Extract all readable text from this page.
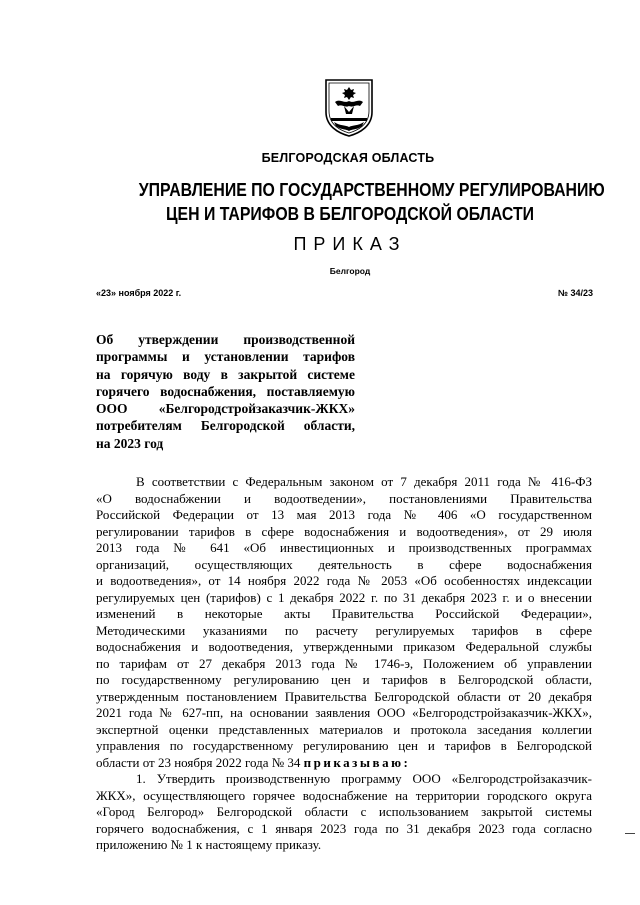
БЕЛГОРОДСКАЯ ОБЛАСТЬ
УПРАВЛЕНИЕ ПО ГОСУДАРСТВЕННОМУ РЕГУЛИРОВАНИЮ
ЦЕН И ТАРИФОВ В БЕЛГОРОДСКОЙ ОБЛАСТИ
ПРИКАЗ
Белгород
«23» ноября 2022 г.	№ 34/23
Об утверждении производственной
программы и установлении тарифов
на горячую воду в закрытой системе
горячего водоснабжения, поставляемую
ООО «Белгородстройзаказчик-ЖКХ»
потребителям Белгородской области,
на 2023 год
В соответствии с Федеральным законом от 7 декабря 2011 года № 416-ФЗ
«О водоснабжении и водоотведении», постановлениями Правительства
Российской Федерации от 13 мая 2013 года № 406 «О государственном
регулировании тарифов в сфере водоснабжения и водоотведения», от 29 июля
2013 года № 641 «Об инвестиционных и производственных программах
организаций, осуществляющих деятельность в сфере водоснабжения
и водоотведения», от 14 ноября 2022 года № 2053 «Об особенностях индексации
регулируемых цен (тарифов) с 1 декабря 2022 г. по 31 декабря 2023 г. и о внесении
изменений в некоторые акты Правительства Российской Федерации»,
Методическими указаниями по расчету регулируемых тарифов в сфере
водоснабжения и водоотведения, утвержденными приказом Федеральной службы
по тарифам от 27 декабря 2013 года № 1746-э, Положением об управлении
по государственному регулированию цен и тарифов в Белгородской области,
утвержденным постановлением Правительства Белгородской области от 20 декабря
2021 года № 627-пп, на основании заявления ООО «Белгородстройзаказчик-ЖКХ»,
экспертной оценки представленных материалов и протокола заседания коллегии
управления по государственному регулированию цен и тарифов в Белгородской
области от 23 ноября 2022 года № 34 приказываю:
1. Утвердить производственную программу ООО «Белгородстройзаказчик-
ЖКХ», осуществляющего горячее водоснабжение на территории городского округа
«Город Белгород» Белгородской области с использованием закрытой системы
горячего водоснабжения, с 1 января 2023 года по 31 декабря 2023 года согласно
приложению № 1 к настоящему приказу.
